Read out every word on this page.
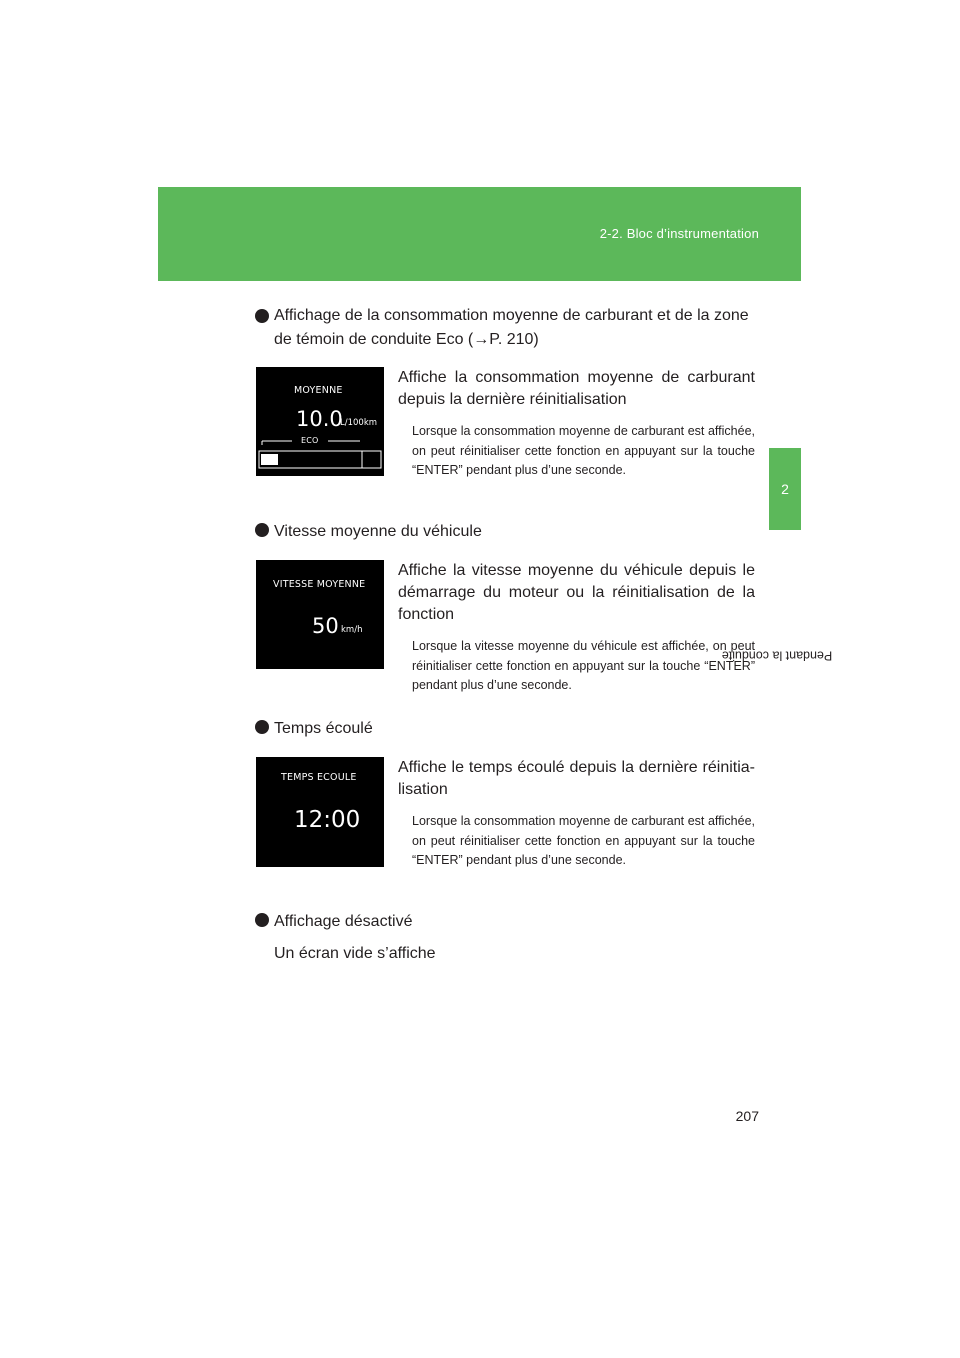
2-2. Bloc d’instrumentation
2
Pendant la conduite
Affichage de la consommation moyenne de carburant et de la zone de témoin de conduite Eco (→P. 210)
MOYENNE
10.0
L/100km
ECO
Affiche la consommation moyenne de carburant depuis la dernière réinitialisation
Lorsque la consommation moyenne de carburant est affichée, on peut réinitialiser cette fonction en appuyant sur la touche “ENTER” pendant plus d’une seconde.
Vitesse moyenne du véhicule
VITESSE MOYENNE
50 km/h
Affiche la vitesse moyenne du véhicule depuis le démarrage du moteur ou la réinitialisation de la fonction
Lorsque la vitesse moyenne du véhicule est affichée, on peut réinitialiser cette fonction en appuyant sur la touche “ENTER” pendant plus d’une seconde.
Temps écoulé
TEMPS ECOULE
12:00
Affiche le temps écoulé depuis la dernière réinitia-lisation
Lorsque la consommation moyenne de carburant est affichée, on peut réinitialiser cette fonction en appuyant sur la touche “ENTER” pendant plus d’une seconde.
Affichage désactivé
Un écran vide s’affiche
207
